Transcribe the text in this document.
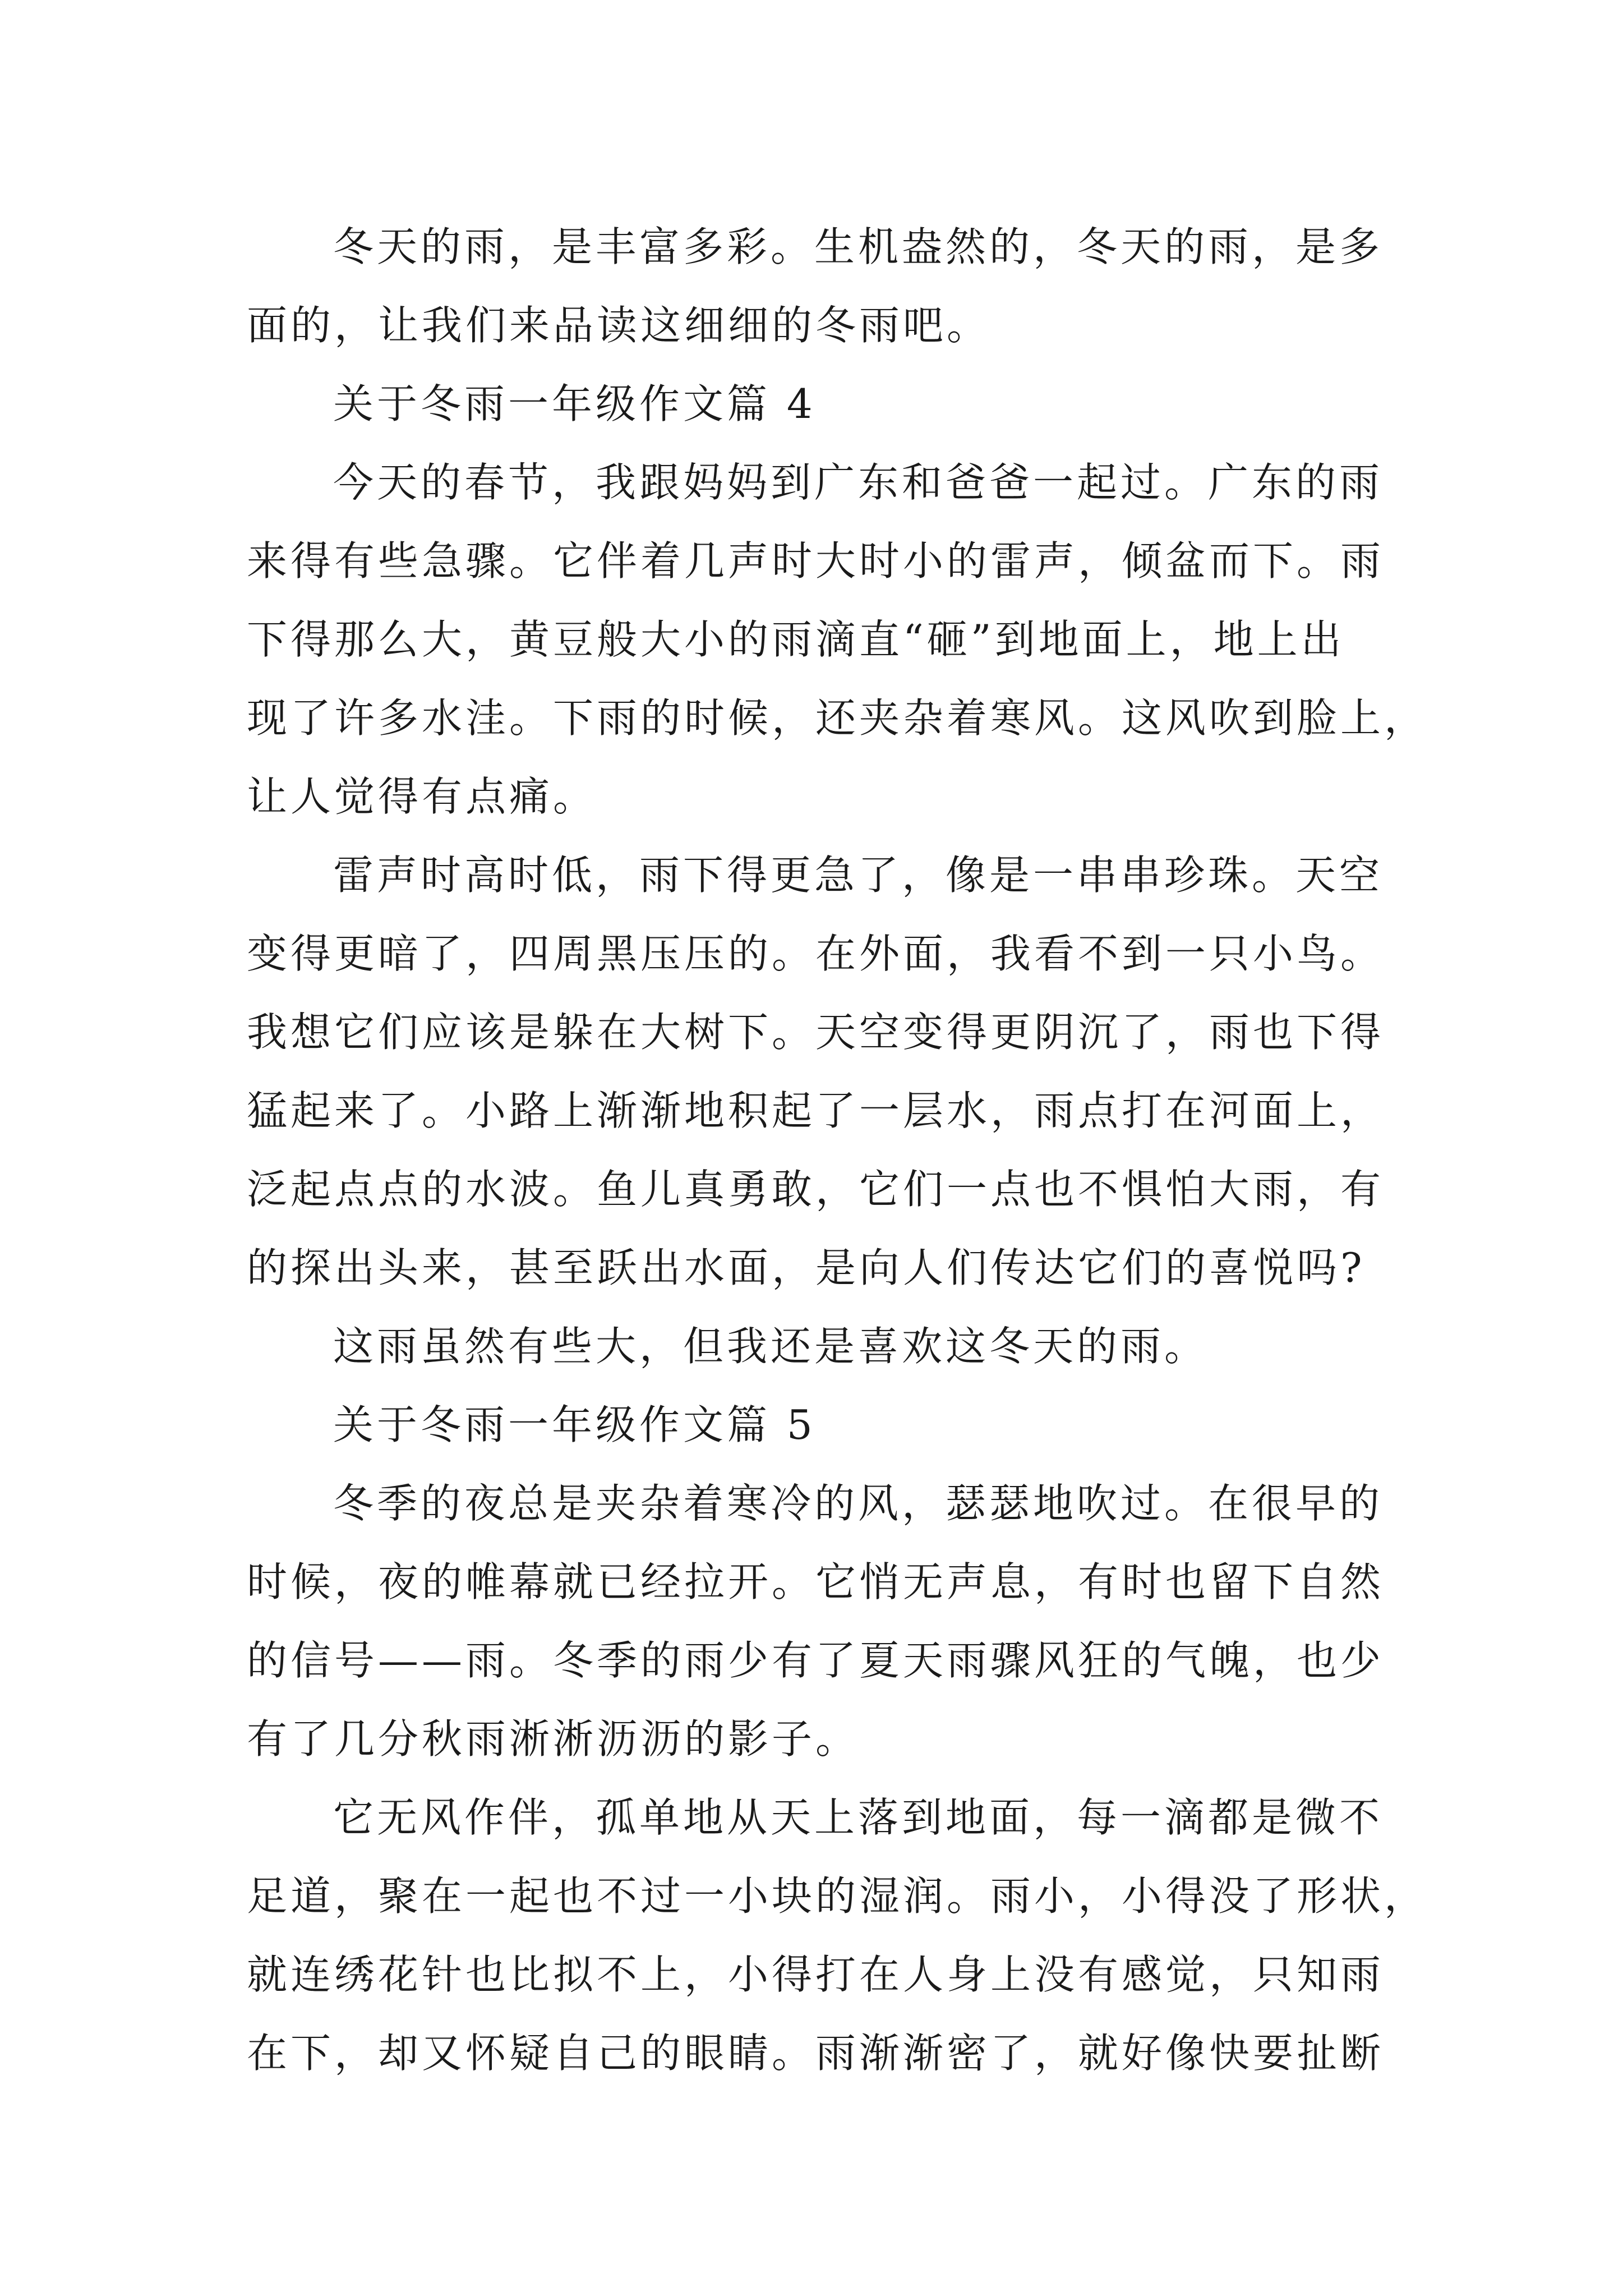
冬天的雨，是丰富多彩。生机盎然的，冬天的雨，是多
面的，让我们来品读这细细的冬雨吧。
关于冬雨一年级作文篇 4
今天的春节，我跟妈妈到广东和爸爸一起过。广东的雨
来得有些急骤。它伴着几声时大时小的雷声，倾盆而下。雨
下得那么大，黄豆般大小的雨滴直“砸”到地面上，地上出
现了许多水洼。下雨的时候，还夹杂着寒风。这风吹到脸上，
让人觉得有点痛。
雷声时高时低，雨下得更急了，像是一串串珍珠。天空
变得更暗了，四周黑压压的。在外面，我看不到一只小鸟。
我想它们应该是躲在大树下。天空变得更阴沉了，雨也下得
猛起来了。小路上渐渐地积起了一层水，雨点打在河面上，
泛起点点的水波。鱼儿真勇敢，它们一点也不惧怕大雨，有
的探出头来，甚至跃出水面，是向人们传达它们的喜悦吗?
这雨虽然有些大，但我还是喜欢这冬天的雨。
关于冬雨一年级作文篇 5
冬季的夜总是夹杂着寒冷的风，瑟瑟地吹过。在很早的
时候，夜的帷幕就已经拉开。它悄无声息，有时也留下自然
的信号——雨。冬季的雨少有了夏天雨骤风狂的气魄，也少
有了几分秋雨淅淅沥沥的影子。
它无风作伴，孤单地从天上落到地面，每一滴都是微不
足道，聚在一起也不过一小块的湿润。雨小，小得没了形状，
就连绣花针也比拟不上，小得打在人身上没有感觉，只知雨
在下，却又怀疑自己的眼睛。雨渐渐密了，就好像快要扯断
